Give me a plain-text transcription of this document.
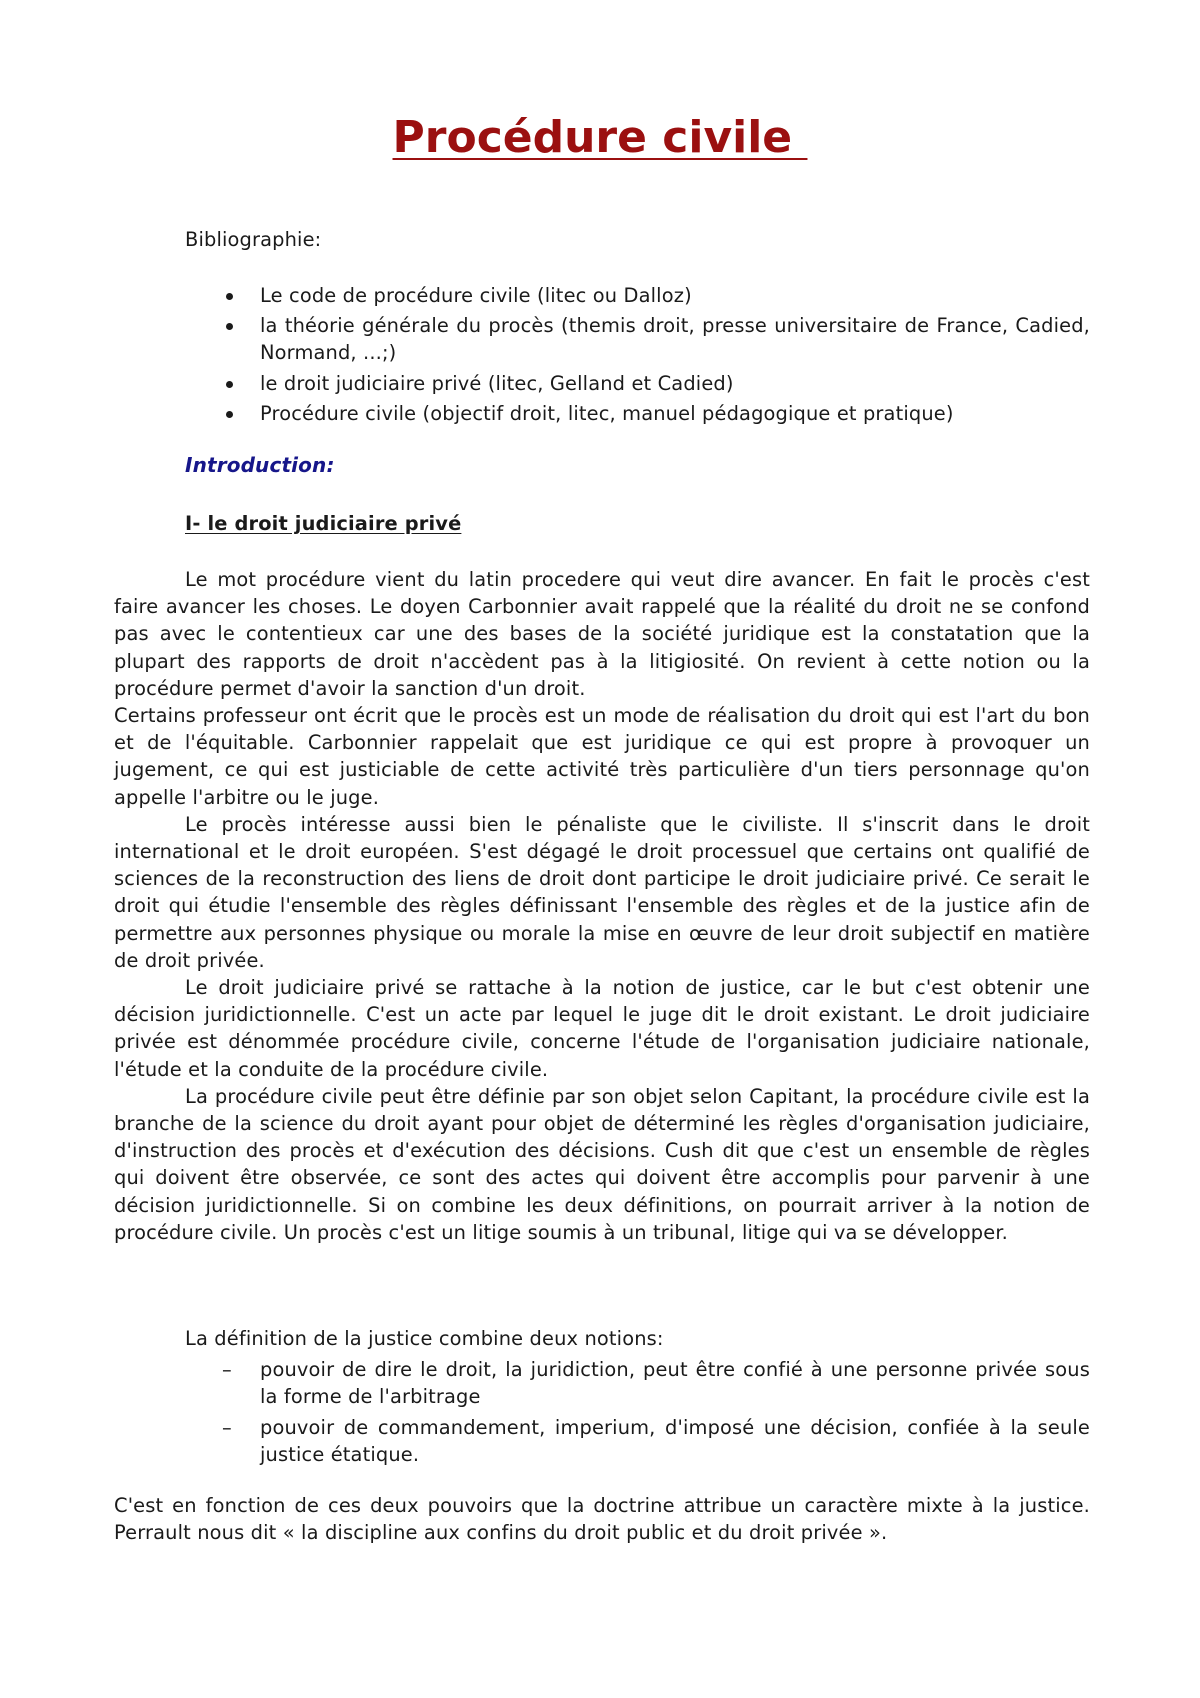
Procédure civile

Bibliographie:

Le code de procédure civile (litec ou Dalloz)
la théorie générale du procès (themis droit, presse universitaire de France, Cadied, Normand, ...;)
le droit judiciaire privé (litec, Gelland et Cadied)
Procédure civile (objectif droit, litec, manuel pédagogique et pratique)

Introduction:

I- le droit judiciaire privé

Le mot procédure vient du latin procedere qui veut dire avancer. En fait le procès c'est faire avancer les choses. Le doyen Carbonnier avait rappelé que la réalité du droit ne se confond pas avec le contentieux car une des bases de la société juridique est la constatation que la plupart des rapports de droit n'accèdent pas à la litigiosité. On revient à cette notion ou la procédure permet d'avoir la sanction d'un droit.

Certains professeur ont écrit que le procès est un mode de réalisation du droit qui est l'art du bon et de l'équitable. Carbonnier rappelait que est juridique ce qui est propre à provoquer un jugement, ce qui est justiciable de cette activité très particulière d'un tiers personnage qu'on appelle l'arbitre ou le juge.

Le procès intéresse aussi bien le pénaliste que le civiliste. Il s'inscrit dans le droit international et le droit européen. S'est dégagé le droit processuel que certains ont qualifié de sciences de la reconstruction des liens de droit dont participe le droit judiciaire privé. Ce serait le droit qui étudie l'ensemble des règles définissant l'ensemble des règles et de la justice afin de permettre aux personnes physique ou morale la mise en œuvre de leur droit subjectif en matière de droit privée.

Le droit judiciaire privé se rattache à la notion de justice, car le but c'est obtenir une décision juridictionnelle. C'est un acte par lequel le juge dit le droit existant. Le droit judiciaire privée est dénommée procédure civile, concerne l'étude de l'organisation judiciaire nationale, l'étude et la conduite de la procédure civile.

La procédure civile peut être définie par son objet selon Capitant, la procédure civile est la branche de la science du droit ayant pour objet de déterminé les règles d'organisation judiciaire, d'instruction des procès et d'exécution des décisions. Cush dit que c'est un ensemble de règles qui doivent être observée, ce sont des actes qui doivent être accomplis pour parvenir à une décision juridictionnelle. Si on combine les deux définitions, on pourrait arriver à la notion de procédure civile. Un procès c'est un litige soumis à un tribunal, litige qui va se développer.

La définition de la justice combine deux notions:

– pouvoir de dire le droit, la juridiction, peut être confié à une personne privée sous la forme de l'arbitrage
– pouvoir de commandement, imperium, d'imposé une décision, confiée à la seule justice étatique.

C'est en fonction de ces deux pouvoirs que la doctrine attribue un caractère mixte à la justice. Perrault nous dit « la discipline aux confins du droit public et du droit privée ».
